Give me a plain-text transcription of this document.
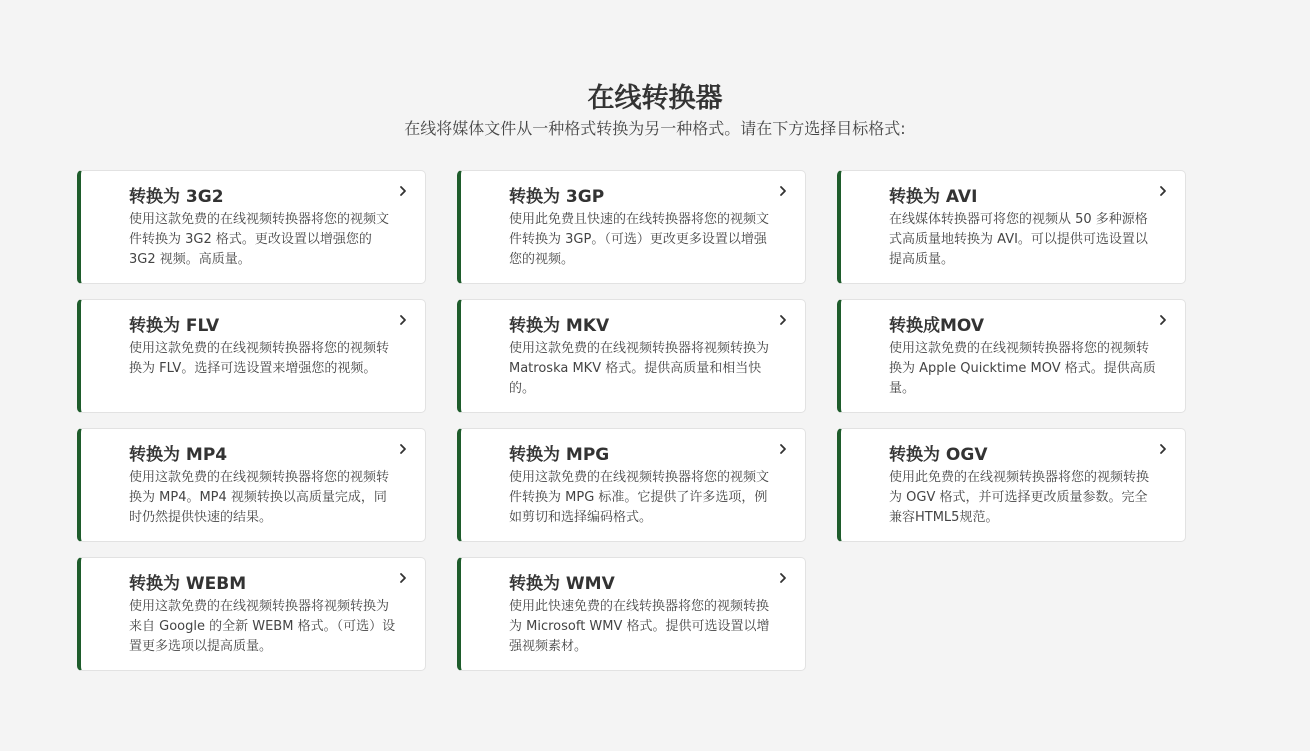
在线转换器

在线将媒体文件从一种格式转换为另一种格式。请在下方选择目标格式:

转换为 3G2

使用这款免费的在线视频转换器将您的视频文件转换为 3G2 格式。更改设置以增强您的 3G2 视频。高质量。

转换为 3GP

使用此免费且快速的在线转换器将您的视频文件转换为 3GP。（可选）更改更多设置以增强您的视频。

转换为 AVI

在线媒体转换器可将您的视频从 50 多种源格式高质量地转换为 AVI。可以提供可选设置以提高质量。

转换为 FLV

使用这款免费的在线视频转换器将您的视频转换为 FLV。选择可选设置来增强您的视频。

转换为 MKV

使用这款免费的在线视频转换器将视频转换为 Matroska MKV 格式。提供高质量和相当快的。

转换成MOV

使用这款免费的在线视频转换器将您的视频转换为 Apple Quicktime MOV 格式。提供高质量。

转换为 MP4

使用这款免费的在线视频转换器将您的视频转换为 MP4。MP4 视频转换以高质量完成，同时仍然提供快速的结果。

转换为 MPG

使用这款免费的在线视频转换器将您的视频文件转换为 MPG 标准。它提供了许多选项，例如剪切和选择编码格式。

转换为 OGV

使用此免费的在线视频转换器将您的视频转换为 OGV 格式，并可选择更改质量参数。完全兼容HTML5规范。

转换为 WEBM

使用这款免费的在线视频转换器将视频转换为来自 Google 的全新 WEBM 格式。（可选）设置更多选项以提高质量。

转换为 WMV

使用此快速免费的在线转换器将您的视频转换为 Microsoft WMV 格式。提供可选设置以增强视频素材。
